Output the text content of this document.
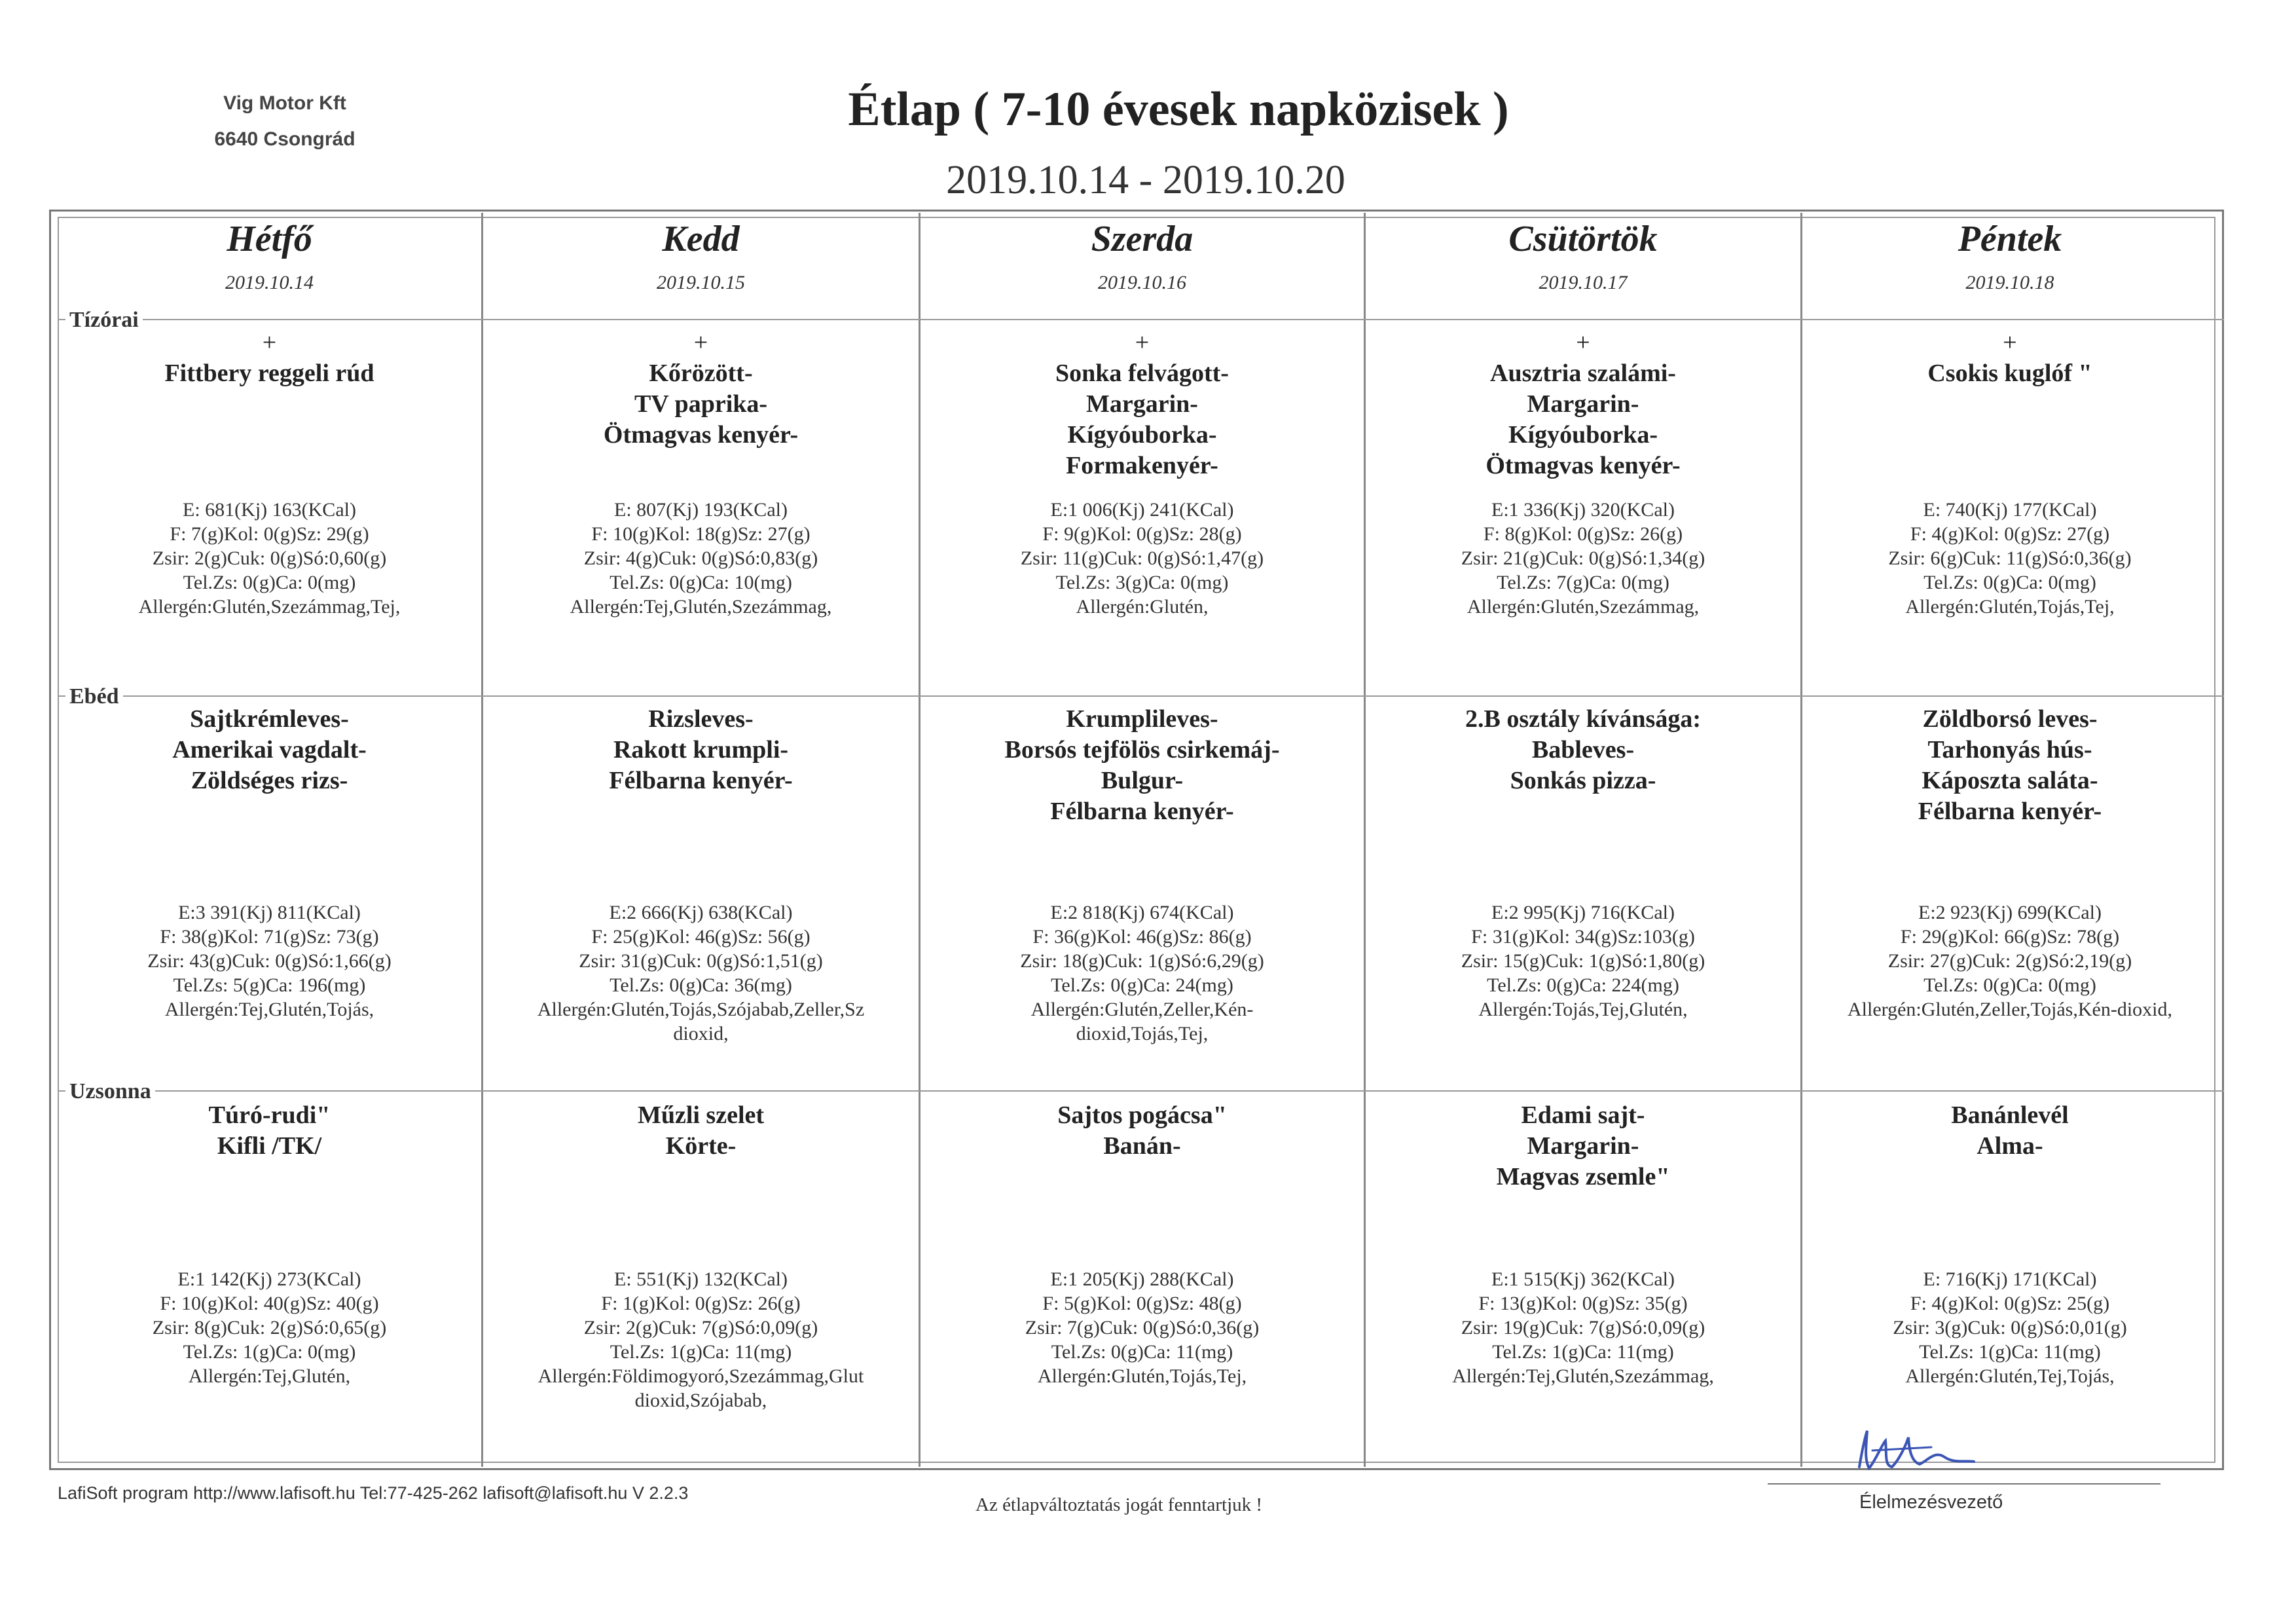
Vig Motor Kft
6640 Csongrád
Étlap ( 7-10 évesek napközisek )
2019.10.14 - 2019.10.20
Hétfő
2019.10.14
Kedd
2019.10.15
Szerda
2019.10.16
Csütörtök
2019.10.17
Péntek
2019.10.18
Tízórai
Ebéd
Uzsonna
+
Fittbery reggeli rúd
E: 681(Kj) 163(KCal)
F: 7(g)Kol: 0(g)Sz: 29(g)
Zsir: 2(g)Cuk: 0(g)Só:0,60(g)
Tel.Zs: 0(g)Ca: 0(mg)
Allergén:Glutén,Szezámmag,Tej,
+
Kőrözött-
TV paprika-
Ötmagvas kenyér-
E: 807(Kj) 193(KCal)
F: 10(g)Kol: 18(g)Sz: 27(g)
Zsir: 4(g)Cuk: 0(g)Só:0,83(g)
Tel.Zs: 0(g)Ca: 10(mg)
Allergén:Tej,Glutén,Szezámmag,
+
Sonka felvágott-
Margarin-
Kígyóuborka-
Formakenyér-
E:1 006(Kj) 241(KCal)
F: 9(g)Kol: 0(g)Sz: 28(g)
Zsir: 11(g)Cuk: 0(g)Só:1,47(g)
Tel.Zs: 3(g)Ca: 0(mg)
Allergén:Glutén,
+
Ausztria szalámi-
Margarin-
Kígyóuborka-
Ötmagvas kenyér-
E:1 336(Kj) 320(KCal)
F: 8(g)Kol: 0(g)Sz: 26(g)
Zsir: 21(g)Cuk: 0(g)Só:1,34(g)
Tel.Zs: 7(g)Ca: 0(mg)
Allergén:Glutén,Szezámmag,
+
Csokis kuglóf "
E: 740(Kj) 177(KCal)
F: 4(g)Kol: 0(g)Sz: 27(g)
Zsir: 6(g)Cuk: 11(g)Só:0,36(g)
Tel.Zs: 0(g)Ca: 0(mg)
Allergén:Glutén,Tojás,Tej,
Sajtkrémleves-
Amerikai vagdalt-
Zöldséges rizs-
E:3 391(Kj) 811(KCal)
F: 38(g)Kol: 71(g)Sz: 73(g)
Zsir: 43(g)Cuk: 0(g)Só:1,66(g)
Tel.Zs: 5(g)Ca: 196(mg)
Allergén:Tej,Glutén,Tojás,
Rizsleves-
Rakott krumpli-
Félbarna kenyér-
E:2 666(Kj) 638(KCal)
F: 25(g)Kol: 46(g)Sz: 56(g)
Zsir: 31(g)Cuk: 0(g)Só:1,51(g)
Tel.Zs: 0(g)Ca: 36(mg)
Allergén:Glutén,Tojás,Szójabab,Zeller,Sz
dioxid,
Krumplileves-
Borsós tejfölös csirkemáj-
Bulgur-
Félbarna kenyér-
E:2 818(Kj) 674(KCal)
F: 36(g)Kol: 46(g)Sz: 86(g)
Zsir: 18(g)Cuk: 1(g)Só:6,29(g)
Tel.Zs: 0(g)Ca: 24(mg)
Allergén:Glutén,Zeller,Kén-
dioxid,Tojás,Tej,
2.B osztály kívánsága:
Bableves-
Sonkás pizza-
E:2 995(Kj) 716(KCal)
F: 31(g)Kol: 34(g)Sz:103(g)
Zsir: 15(g)Cuk: 1(g)Só:1,80(g)
Tel.Zs: 0(g)Ca: 224(mg)
Allergén:Tojás,Tej,Glutén,
Zöldborsó leves-
Tarhonyás hús-
Káposzta saláta-
Félbarna kenyér-
E:2 923(Kj) 699(KCal)
F: 29(g)Kol: 66(g)Sz: 78(g)
Zsir: 27(g)Cuk: 2(g)Só:2,19(g)
Tel.Zs: 0(g)Ca: 0(mg)
Allergén:Glutén,Zeller,Tojás,Kén-dioxid,
Túró-rudi"
Kifli /TK/
E:1 142(Kj) 273(KCal)
F: 10(g)Kol: 40(g)Sz: 40(g)
Zsir: 8(g)Cuk: 2(g)Só:0,65(g)
Tel.Zs: 1(g)Ca: 0(mg)
Allergén:Tej,Glutén,
Műzli szelet
Körte-
E: 551(Kj) 132(KCal)
F: 1(g)Kol: 0(g)Sz: 26(g)
Zsir: 2(g)Cuk: 7(g)Só:0,09(g)
Tel.Zs: 1(g)Ca: 11(mg)
Allergén:Földimogyoró,Szezámmag,Glut
dioxid,Szójabab,
Sajtos pogácsa"
Banán-
E:1 205(Kj) 288(KCal)
F: 5(g)Kol: 0(g)Sz: 48(g)
Zsir: 7(g)Cuk: 0(g)Só:0,36(g)
Tel.Zs: 0(g)Ca: 11(mg)
Allergén:Glutén,Tojás,Tej,
Edami sajt-
Margarin-
Magvas zsemle"
E:1 515(Kj) 362(KCal)
F: 13(g)Kol: 0(g)Sz: 35(g)
Zsir: 19(g)Cuk: 7(g)Só:0,09(g)
Tel.Zs: 1(g)Ca: 11(mg)
Allergén:Tej,Glutén,Szezámmag,
Banánlevél
Alma-
E: 716(Kj) 171(KCal)
F: 4(g)Kol: 0(g)Sz: 25(g)
Zsir: 3(g)Cuk: 0(g)Só:0,01(g)
Tel.Zs: 1(g)Ca: 11(mg)
Allergén:Glutén,Tej,Tojás,
LafiSoft program http://www.lafisoft.hu Tel:77-425-262 lafisoft@lafisoft.hu V 2.2.3
Az étlapváltoztatás jogát fenntartjuk !	Élelmezésvezető
